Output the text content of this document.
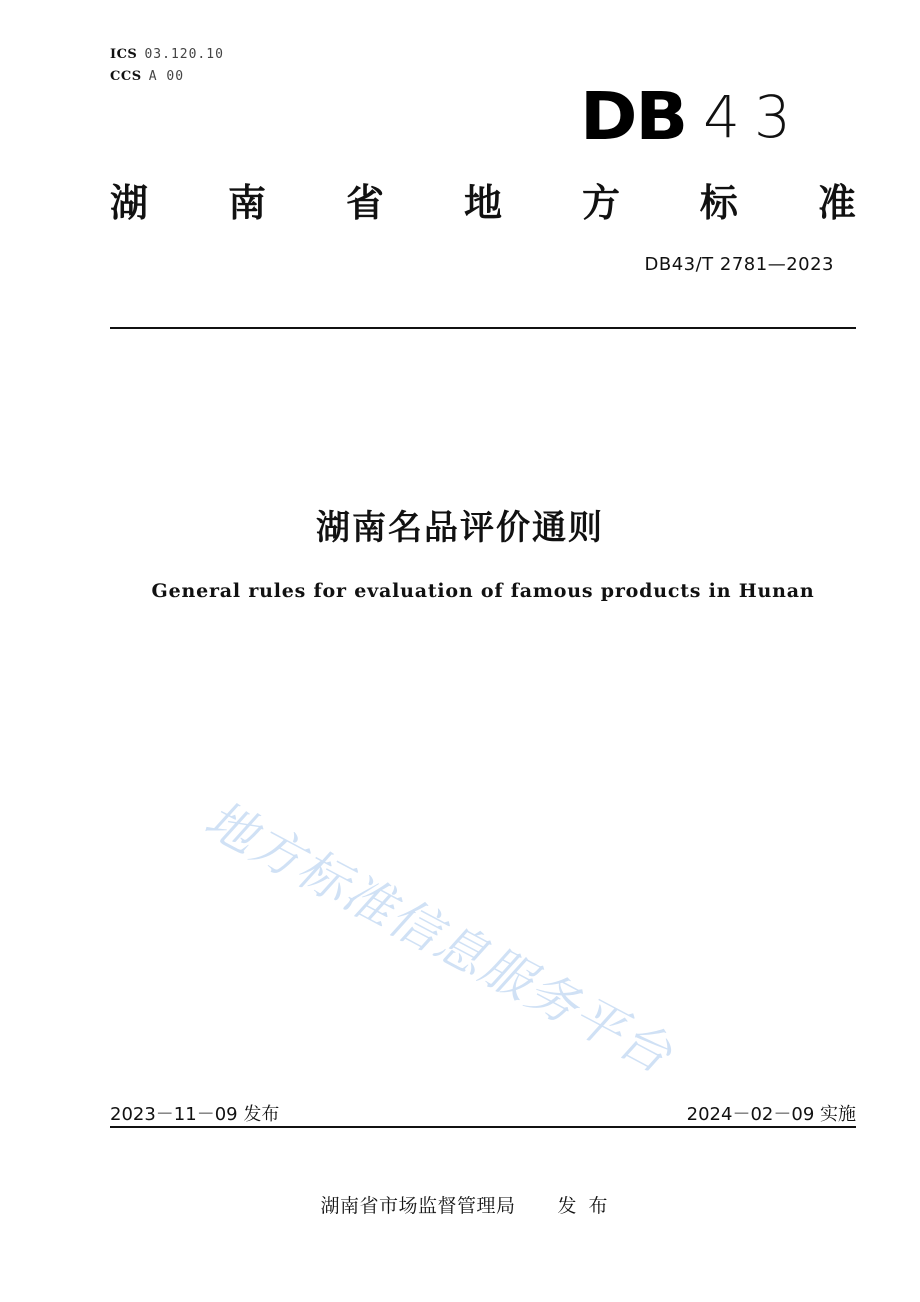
ICS 03.120.10
CCS A 00
DB 43
湖 南 省 地 方 标 准
DB43/T 2781—2023
湖南名品评价通则
General rules for evaluation of famous products in Hunan
地方标准信息服务平台
2023－11－09 发布	2024－02－09 实施
湖南省市场监督管理局 发布
